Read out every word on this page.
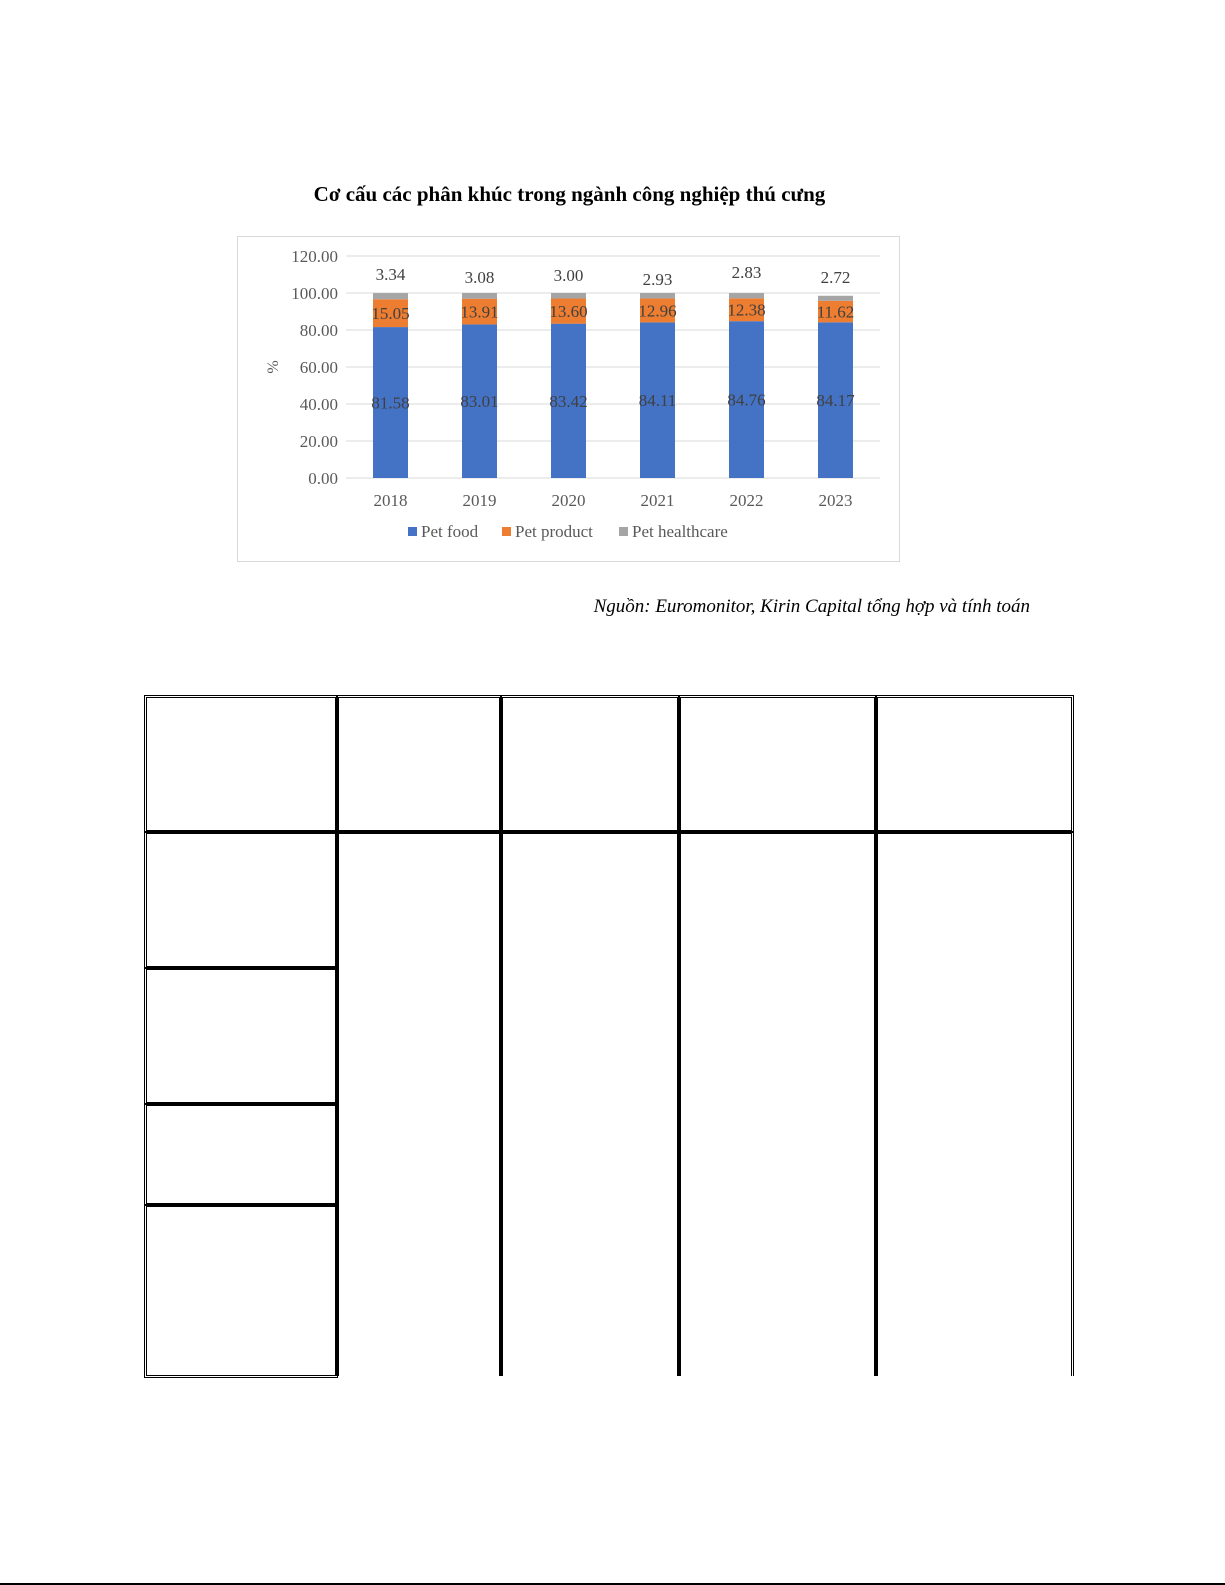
Cơ cấu các phân khúc trong ngành công nghiệp thú cưng
0.00
20.00
40.00
60.00
80.00
100.00
120.00
%
81.58
15.05
3.34
2018
83.01
13.91
3.08
2019
83.42
13.60
3.00
2020
84.11
12.96
2.93
2021
84.76
12.38
2.83
2022
84.17
11.62
2.72
2023
Pet food Pet product Pet healthcare
Nguồn: Euromonitor, Kirin Capital tổng hợp và tính toán
